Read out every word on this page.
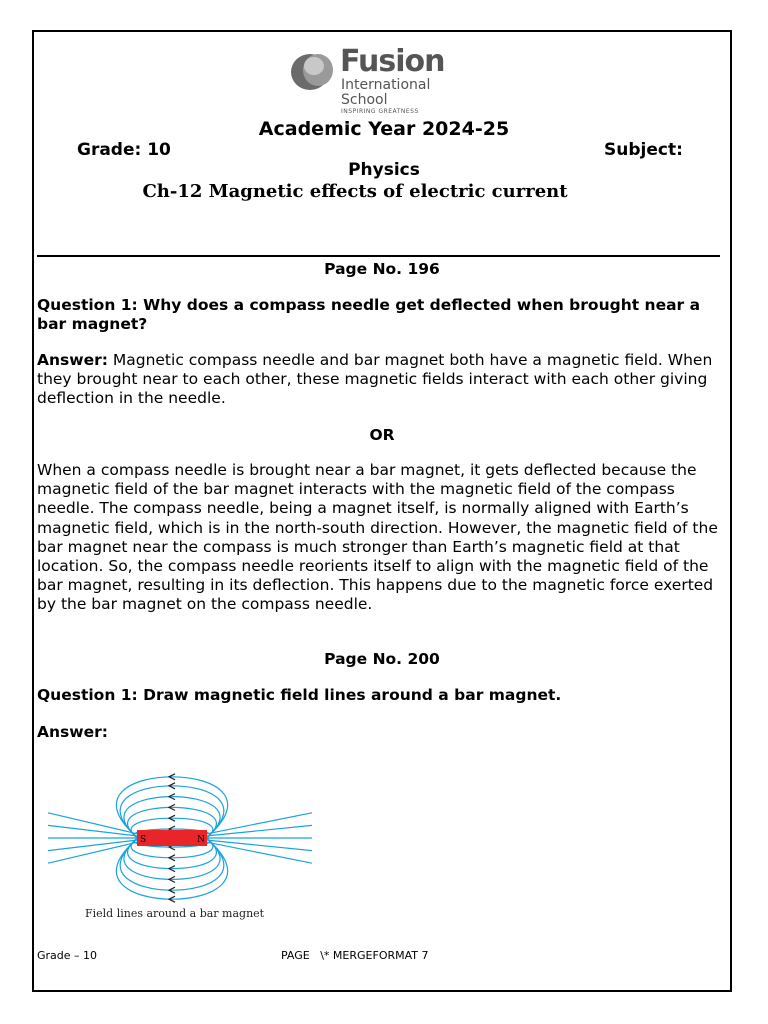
Fusion
International
School
INSPIRING GREATNESS
Academic Year 2024-25
Grade: 10	Subject:
Physics
Ch-12 Magnetic effects of electric current
Page No. 196
Question 1: Why does a compass needle get deflected when brought near a bar magnet?
Answer: Magnetic compass needle and bar magnet both have a magnetic field. When they brought near to each other, these magnetic fields interact with each other giving deflection in the needle.
OR
When a compass needle is brought near a bar magnet, it gets deflected because the magnetic field of the bar magnet interacts with the magnetic field of the compass needle. The compass needle, being a magnet itself, is normally aligned with Earth’s magnetic field, which is in the north-south direction. However, the magnetic field of the bar magnet near the compass is much stronger than Earth’s magnetic field at that location. So, the compass needle reorients itself to align with the magnetic field of the bar magnet, resulting in its deflection. This happens due to the magnetic force exerted by the bar magnet on the compass needle.
Page No. 200
Question 1: Draw magnetic field lines around a bar magnet.
Answer:
S	N
Field lines around a bar magnet
Grade – 10	PAGE   \* MERGEFORMAT 7
